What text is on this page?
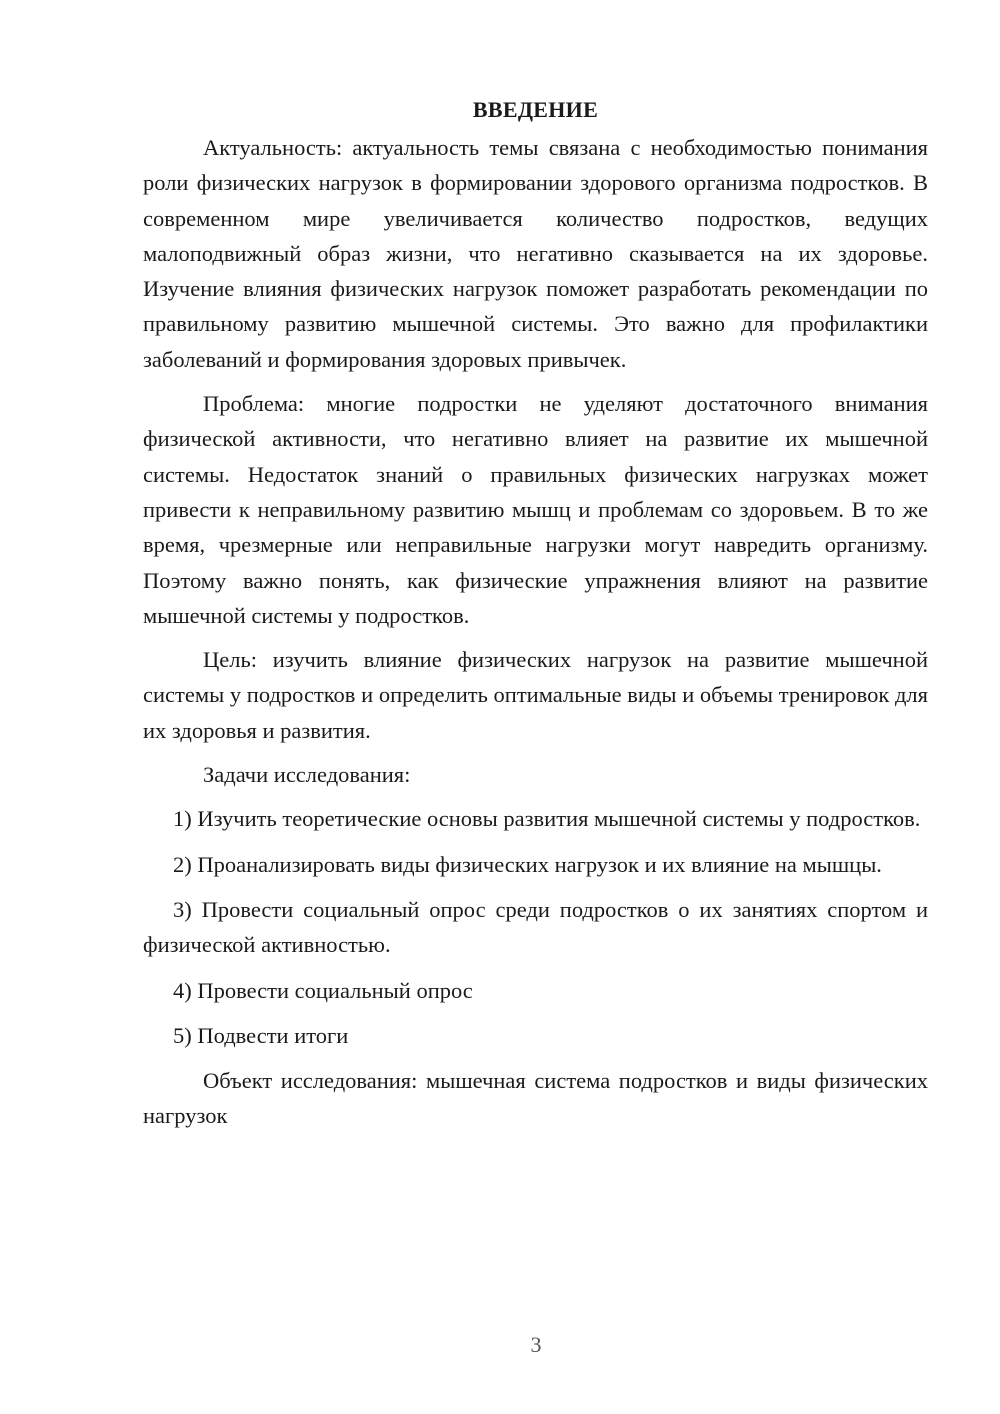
ВВЕДЕНИЕ

Актуальность: актуальность темы связана с необходимостью понимания роли физических нагрузок в формировании здорового организма подростков. В современном мире увеличивается количество подростков, ведущих малоподвижный образ жизни, что негативно сказывается на их здоровье. Изучение влияния физических нагрузок поможет разработать рекомендации по правильному развитию мышечной системы. Это важно для профилактики заболеваний и формирования здоровых привычек.

Проблема: многие подростки не уделяют достаточного внимания физической активности, что негативно влияет на развитие их мышечной системы. Недостаток знаний о правильных физических нагрузках может привести к неправильному развитию мышц и проблемам со здоровьем. В то же время, чрезмерные или неправильные нагрузки могут навредить организму. Поэтому важно понять, как физические упражнения влияют на развитие мышечной системы у подростков.

Цель: изучить влияние физических нагрузок на развитие мышечной системы у подростков и определить оптимальные виды и объемы тренировок для их здоровья и развития.

Задачи исследования:

1) Изучить теоретические основы развития мышечной системы у подростков.

2) Проанализировать виды физических нагрузок и их влияние на мышцы.

3) Провести социальный опрос среди подростков о их занятиях спортом и физической активностью.

4) Провести социальный опрос

5) Подвести итоги

Объект исследования: мышечная система подростков и виды физических нагрузок

3
